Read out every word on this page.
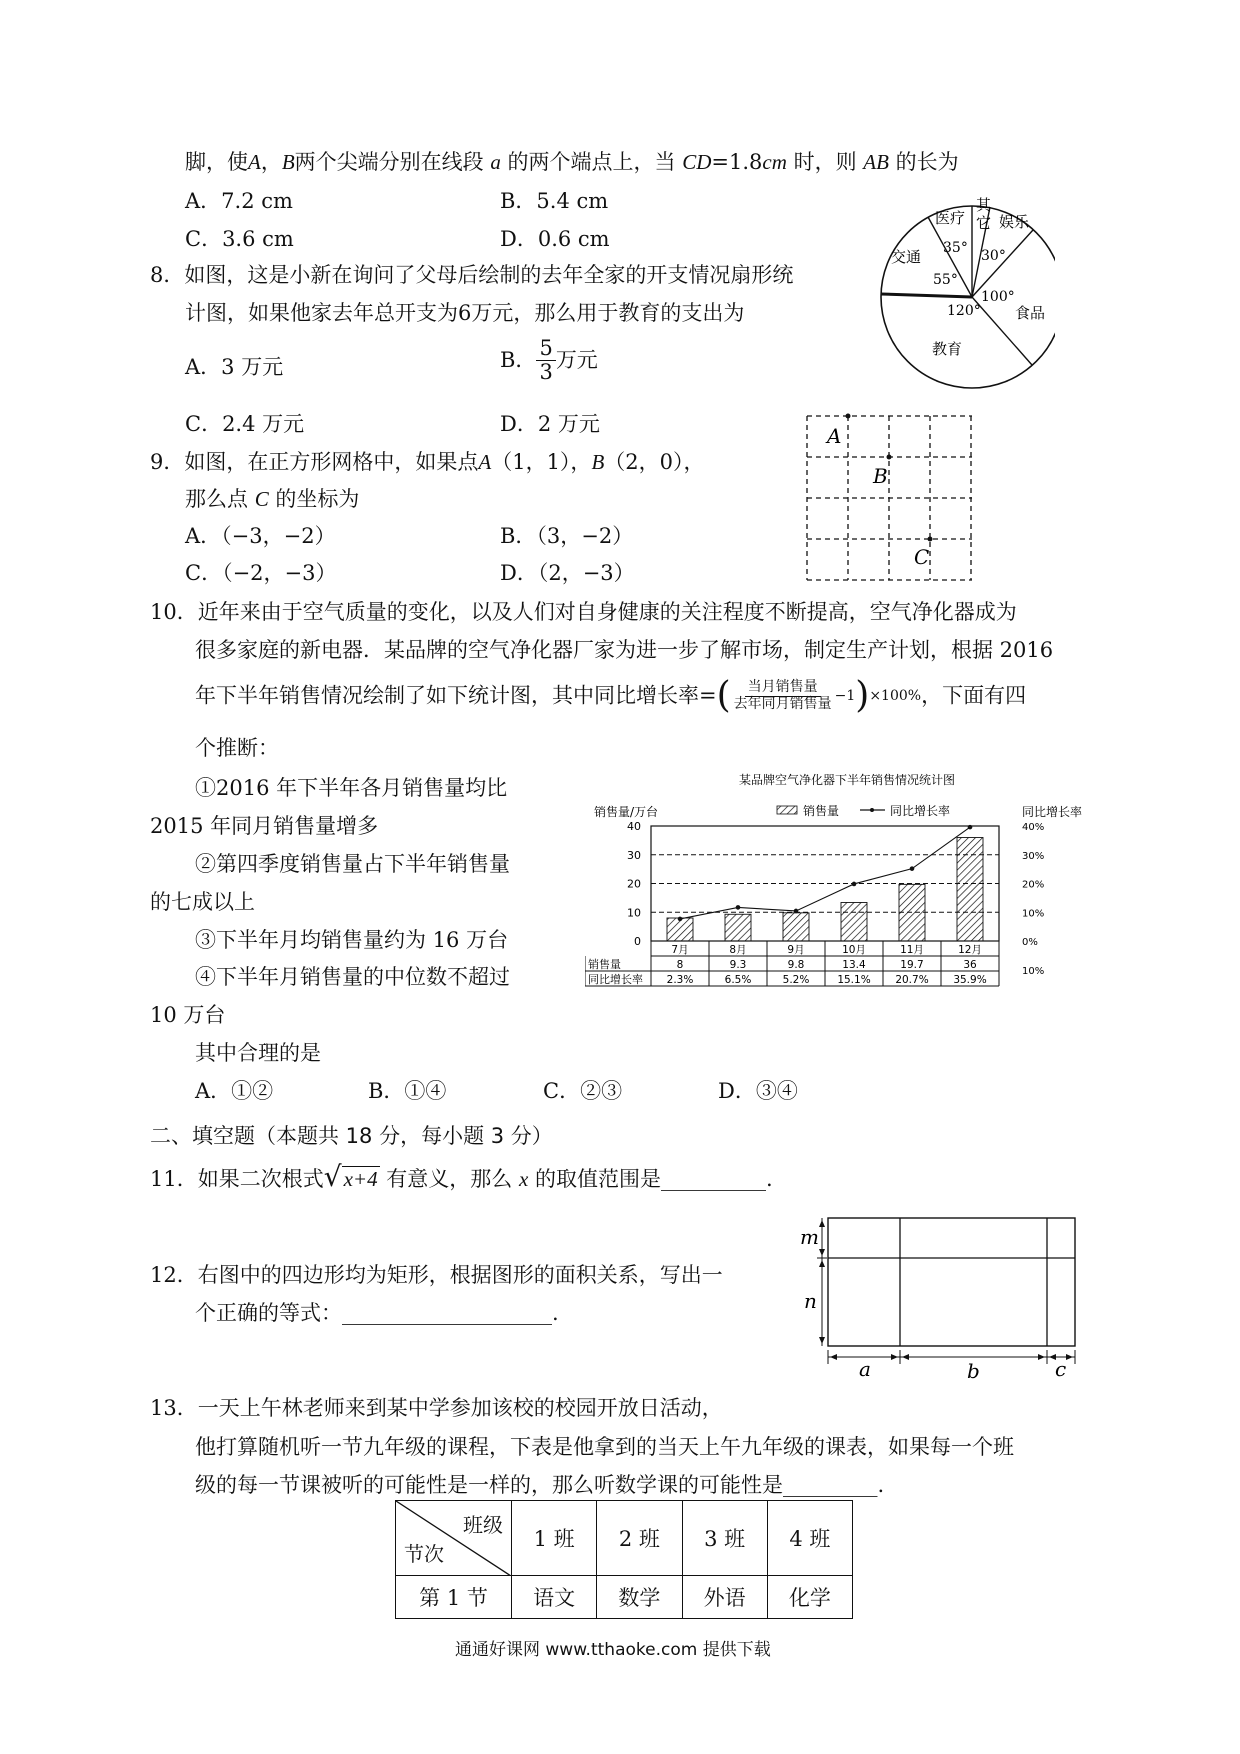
脚，使A，B两个尖端分别在线段 a 的两个端点上，当 CD=1.8cm 时，则 AB 的长为
A．7.2 cm	B．5.4 cm
C．3.6 cm	D．0.6 cm
医疗
其
它 娱乐
交通
食品
教育
35° 30°
55°
100°
120°
8．如图，这是小新在询问了父母后绘制的去年全家的开支情况扇形统
计图，如果他家去年总开支为6万元，那么用于教育的支出为
A．3 万元	B． $\frac{5}{3}$ 万元
C．2.4 万元	D．2 万元	A
B
C
9．如图，在正方形网格中，如果点A（1，1），B（2，0），
那么点 C 的坐标为
A．（−3，−2）	B．（3，−2）
C．（−2，−3）	D．（2，−3）
10．近年来由于空气质量的变化，以及人们对自身健康的关注程度不断提高，空气净化器成为
很多家庭的新电器．某品牌的空气净化器厂家为进一步了解市场，制定生产计划，根据 2016
年下半年销售情况绘制了如下统计图，其中同比增长率=( $\frac{\text{当月销售量}}{\text{去年同月销售量}} -1)\times 100\%$，下面有四
个推断：
①2016 年下半年各月销售量均比
2015 年同月销售量增多
②第四季度销售量占下半年销售量
的七成以上
③下半年月均销售量约为 16 万台
④下半年月销售量的中位数不超过
10 万台
其中合理的是
A．①②	B．①④	C．②③	D．③④
某品牌空气净化器下半年销售情况统计图
销售量/万台	同比增长率
销售量	同比增长率
0
10
20
30
40	40%
30%
20%
10%
0%
10%
7月	8月	9月	10月	11月	12月
销售量	8	9.3	9.8	13.4	19.7	36
同比增长率 2.3%	6.5%	5.2%	15.1% 20.7% 35.9%
二、填空题（本题共 18 分，每小题 3 分）
11．如果二次根式√x+4 有意义，那么 x 的取值范围是__________.
m
n
a	b	c
12．右图中的四边形均为矩形，根据图形的面积关系，写出一
个正确的等式：____________________.
13．一天上午林老师来到某中学参加该校的校园开放日活动，
他打算随机听一节九年级的课程，下表是他拿到的当天上午九年级的课表，如果每一个班
级的每一节课被听的可能性是一样的，那么听数学课的可能性是_________.
班级
节次	1 班	2 班	3 班	4 班
第 1 节	语文	数学	外语	化学
通通好课网 www.tthaoke.com 提供下载
